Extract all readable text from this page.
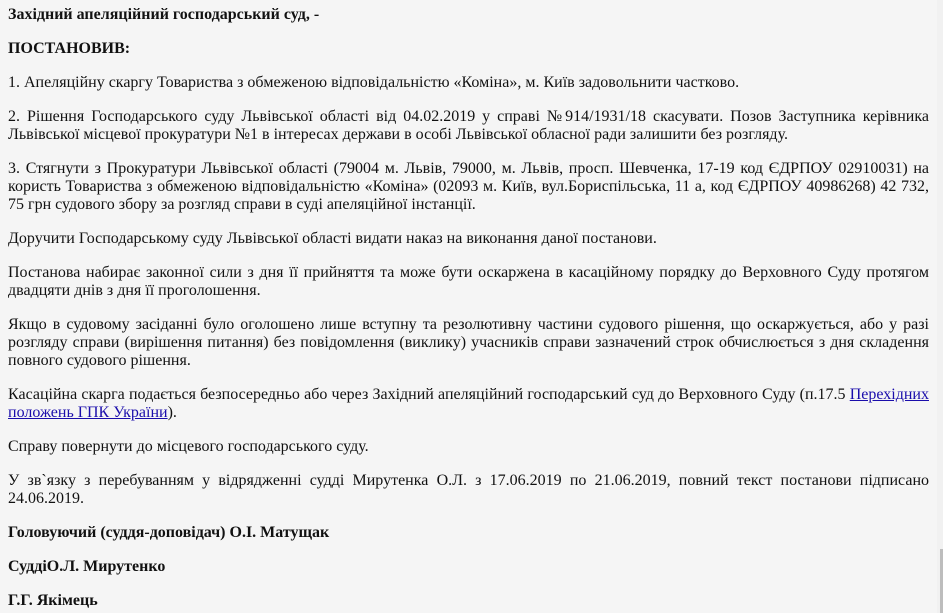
Західний апеляційний господарський суд, -

ПОСТАНОВИВ:

1. Апеляційну скаргу Товариства з обмеженою відповідальністю «Коміна», м. Київ задовольнити частково.

2. Рішення Господарського суду Львівської області від 04.02.2019 у справі №914/1931/18 скасувати. Позов Заступника керівника Львівської місцевої прокуратури №1 в інтересах держави в особі Львівської обласної ради залишити без розгляду.

3. Стягнути з Прокуратури Львівської області (79004 м. Львів, 79000, м. Львів, просп. Шевченка, 17-19 код ЄДРПОУ 02910031) на користь Товариства з обмеженою відповідальністю «Коміна» (02093 м. Київ, вул.Бориспільська, 11 а, код ЄДРПОУ 40986268) 42 732, 75 грн судового збору за розгляд справи в суді апеляційної інстанції.

Доручити Господарському суду Львівської області видати наказ на виконання даної постанови.

Постанова набирає законної сили з дня її прийняття та може бути оскаржена в касаційному порядку до Верховного Суду протягом двадцяти днів з дня її проголошення.

Якщо в судовому засіданні було оголошено лише вступну та резолютивну частини судового рішення, що оскаржується, або у разі розгляду справи (вирішення питання) без повідомлення (виклику) учасників справи зазначений строк обчислюється з дня складення повного судового рішення.

Касаційна скарга подається безпосередньо або через Західний апеляційний господарський суд до Верховного Суду (п.17.5 Перехідних положень ГПК України).

Справу повернути до місцевого господарського суду.

У зв`язку з перебуванням у відрядженні судді Мирутенка О.Л. з 17.06.2019 по 21.06.2019, повний текст постанови підписано 24.06.2019.

Головуючий (суддя-доповідач) О.І. Матущак

СуддіО.Л. Мирутенко

Г.Г. Якімець
